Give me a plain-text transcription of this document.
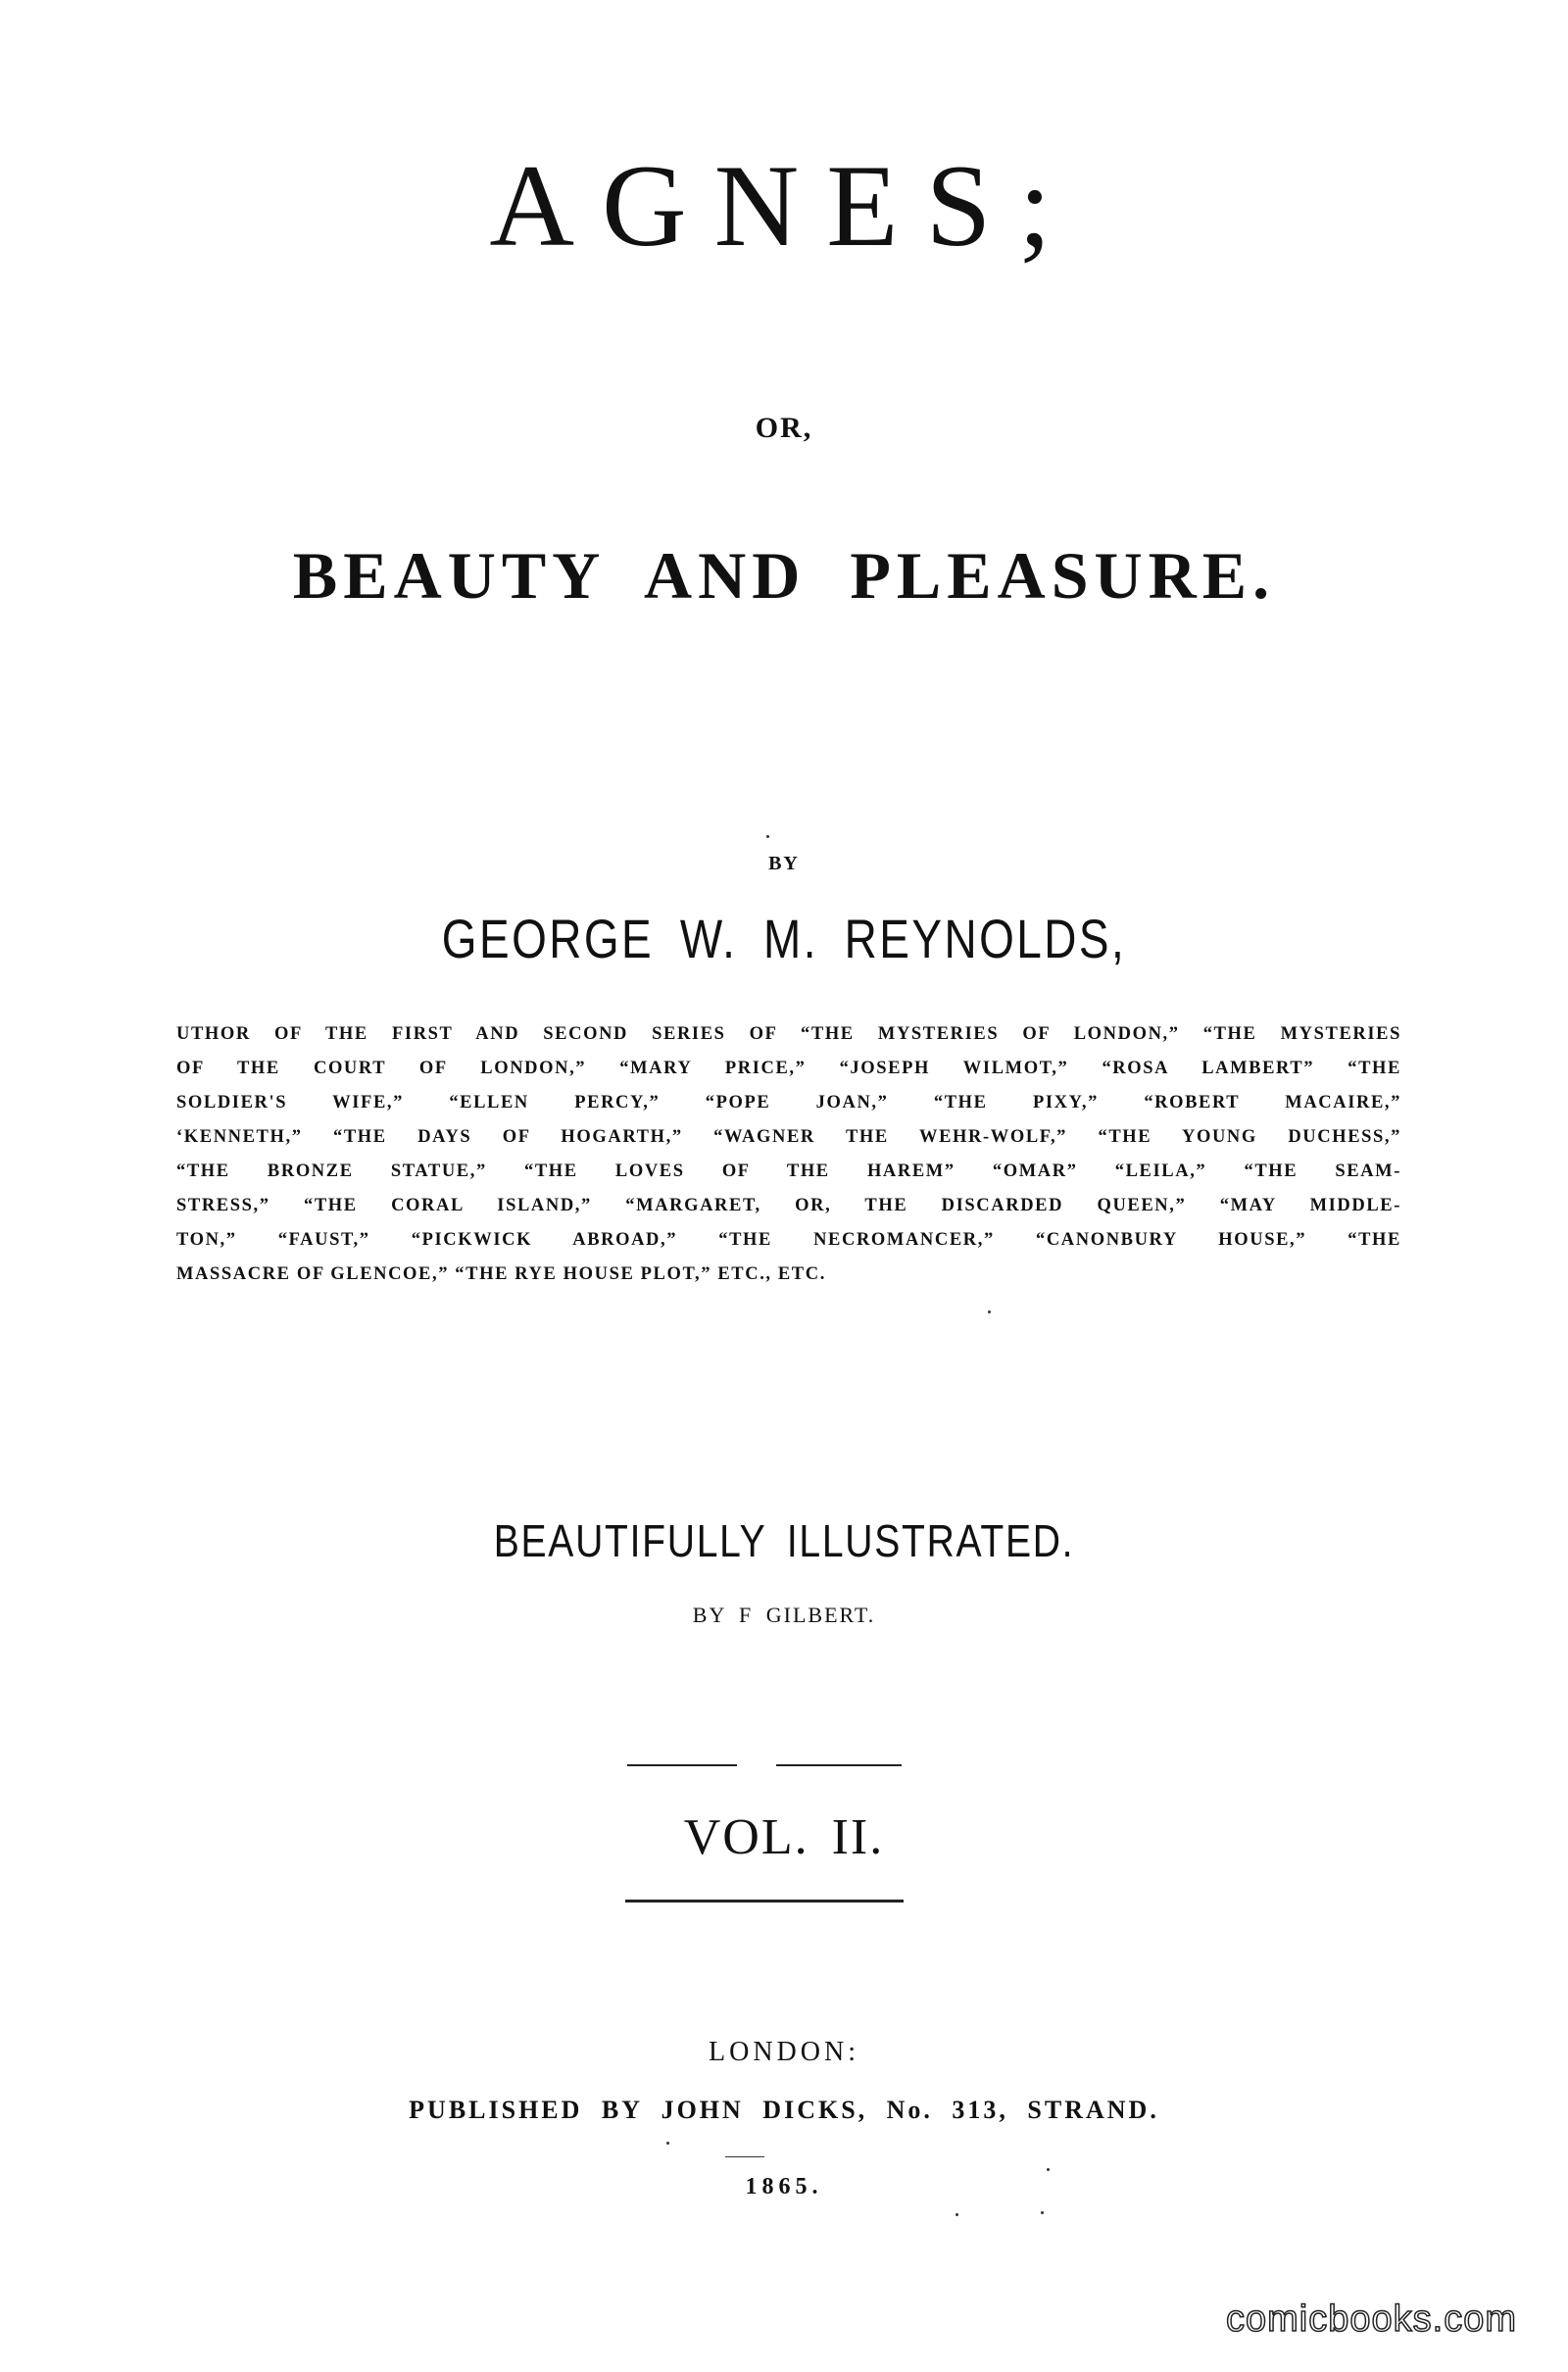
AGNES;
OR,
BEAUTY AND PLEASURE.
BY
GEORGE W. M. REYNOLDS,
UTHOR OF THE FIRST AND SECOND SERIES OF “THE MYSTERIES OF LONDON,” “THE MYSTERIES
OF THE COURT OF LONDON,” “MARY PRICE,” “JOSEPH WILMOT,” “ROSA LAMBERT” “THE
SOLDIER'S WIFE,” “ELLEN PERCY,” “POPE JOAN,” “THE PIXY,” “ROBERT MACAIRE,”
‘KENNETH,” “THE DAYS OF HOGARTH,” “WAGNER THE WEHR-WOLF,” “THE YOUNG DUCHESS,”
“THE BRONZE STATUE,” “THE LOVES OF THE HAREM” “OMAR” “LEILA,” “THE SEAM-
STRESS,” “THE CORAL ISLAND,” “MARGARET, OR, THE DISCARDED QUEEN,” “MAY MIDDLE-
TON,” “FAUST,” “PICKWICK ABROAD,” “THE NECROMANCER,” “CANONBURY HOUSE,” “THE
MASSACRE OF GLENCOE,” “THE RYE HOUSE PLOT,” ETC., ETC.
BEAUTIFULLY ILLUSTRATED.
BY F GILBERT.
VOL. II.
LONDON:
PUBLISHED BY JOHN DICKS, No. 313, STRAND.
1865.
comicbooks.com
